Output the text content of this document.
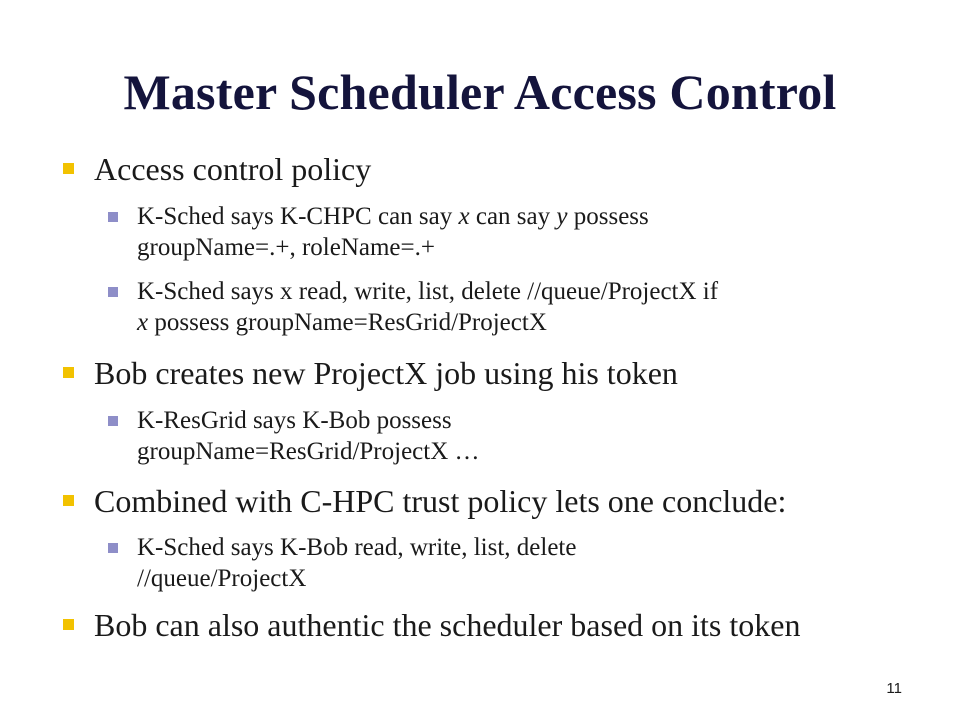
Master Scheduler Access Control
Access control policy
K-Sched says K-CHPC can say x can say y possess
groupName=.+, roleName=.+
K-Sched says x read, write, list, delete //queue/ProjectX if
x possess groupName=ResGrid/ProjectX
Bob creates new ProjectX job using his token
K-ResGrid says K-Bob possess
groupName=ResGrid/ProjectX …
Combined with C-HPC trust policy lets one conclude:
K-Sched says K-Bob read, write, list, delete
//queue/ProjectX
Bob can also authentic the scheduler based on its token
11
